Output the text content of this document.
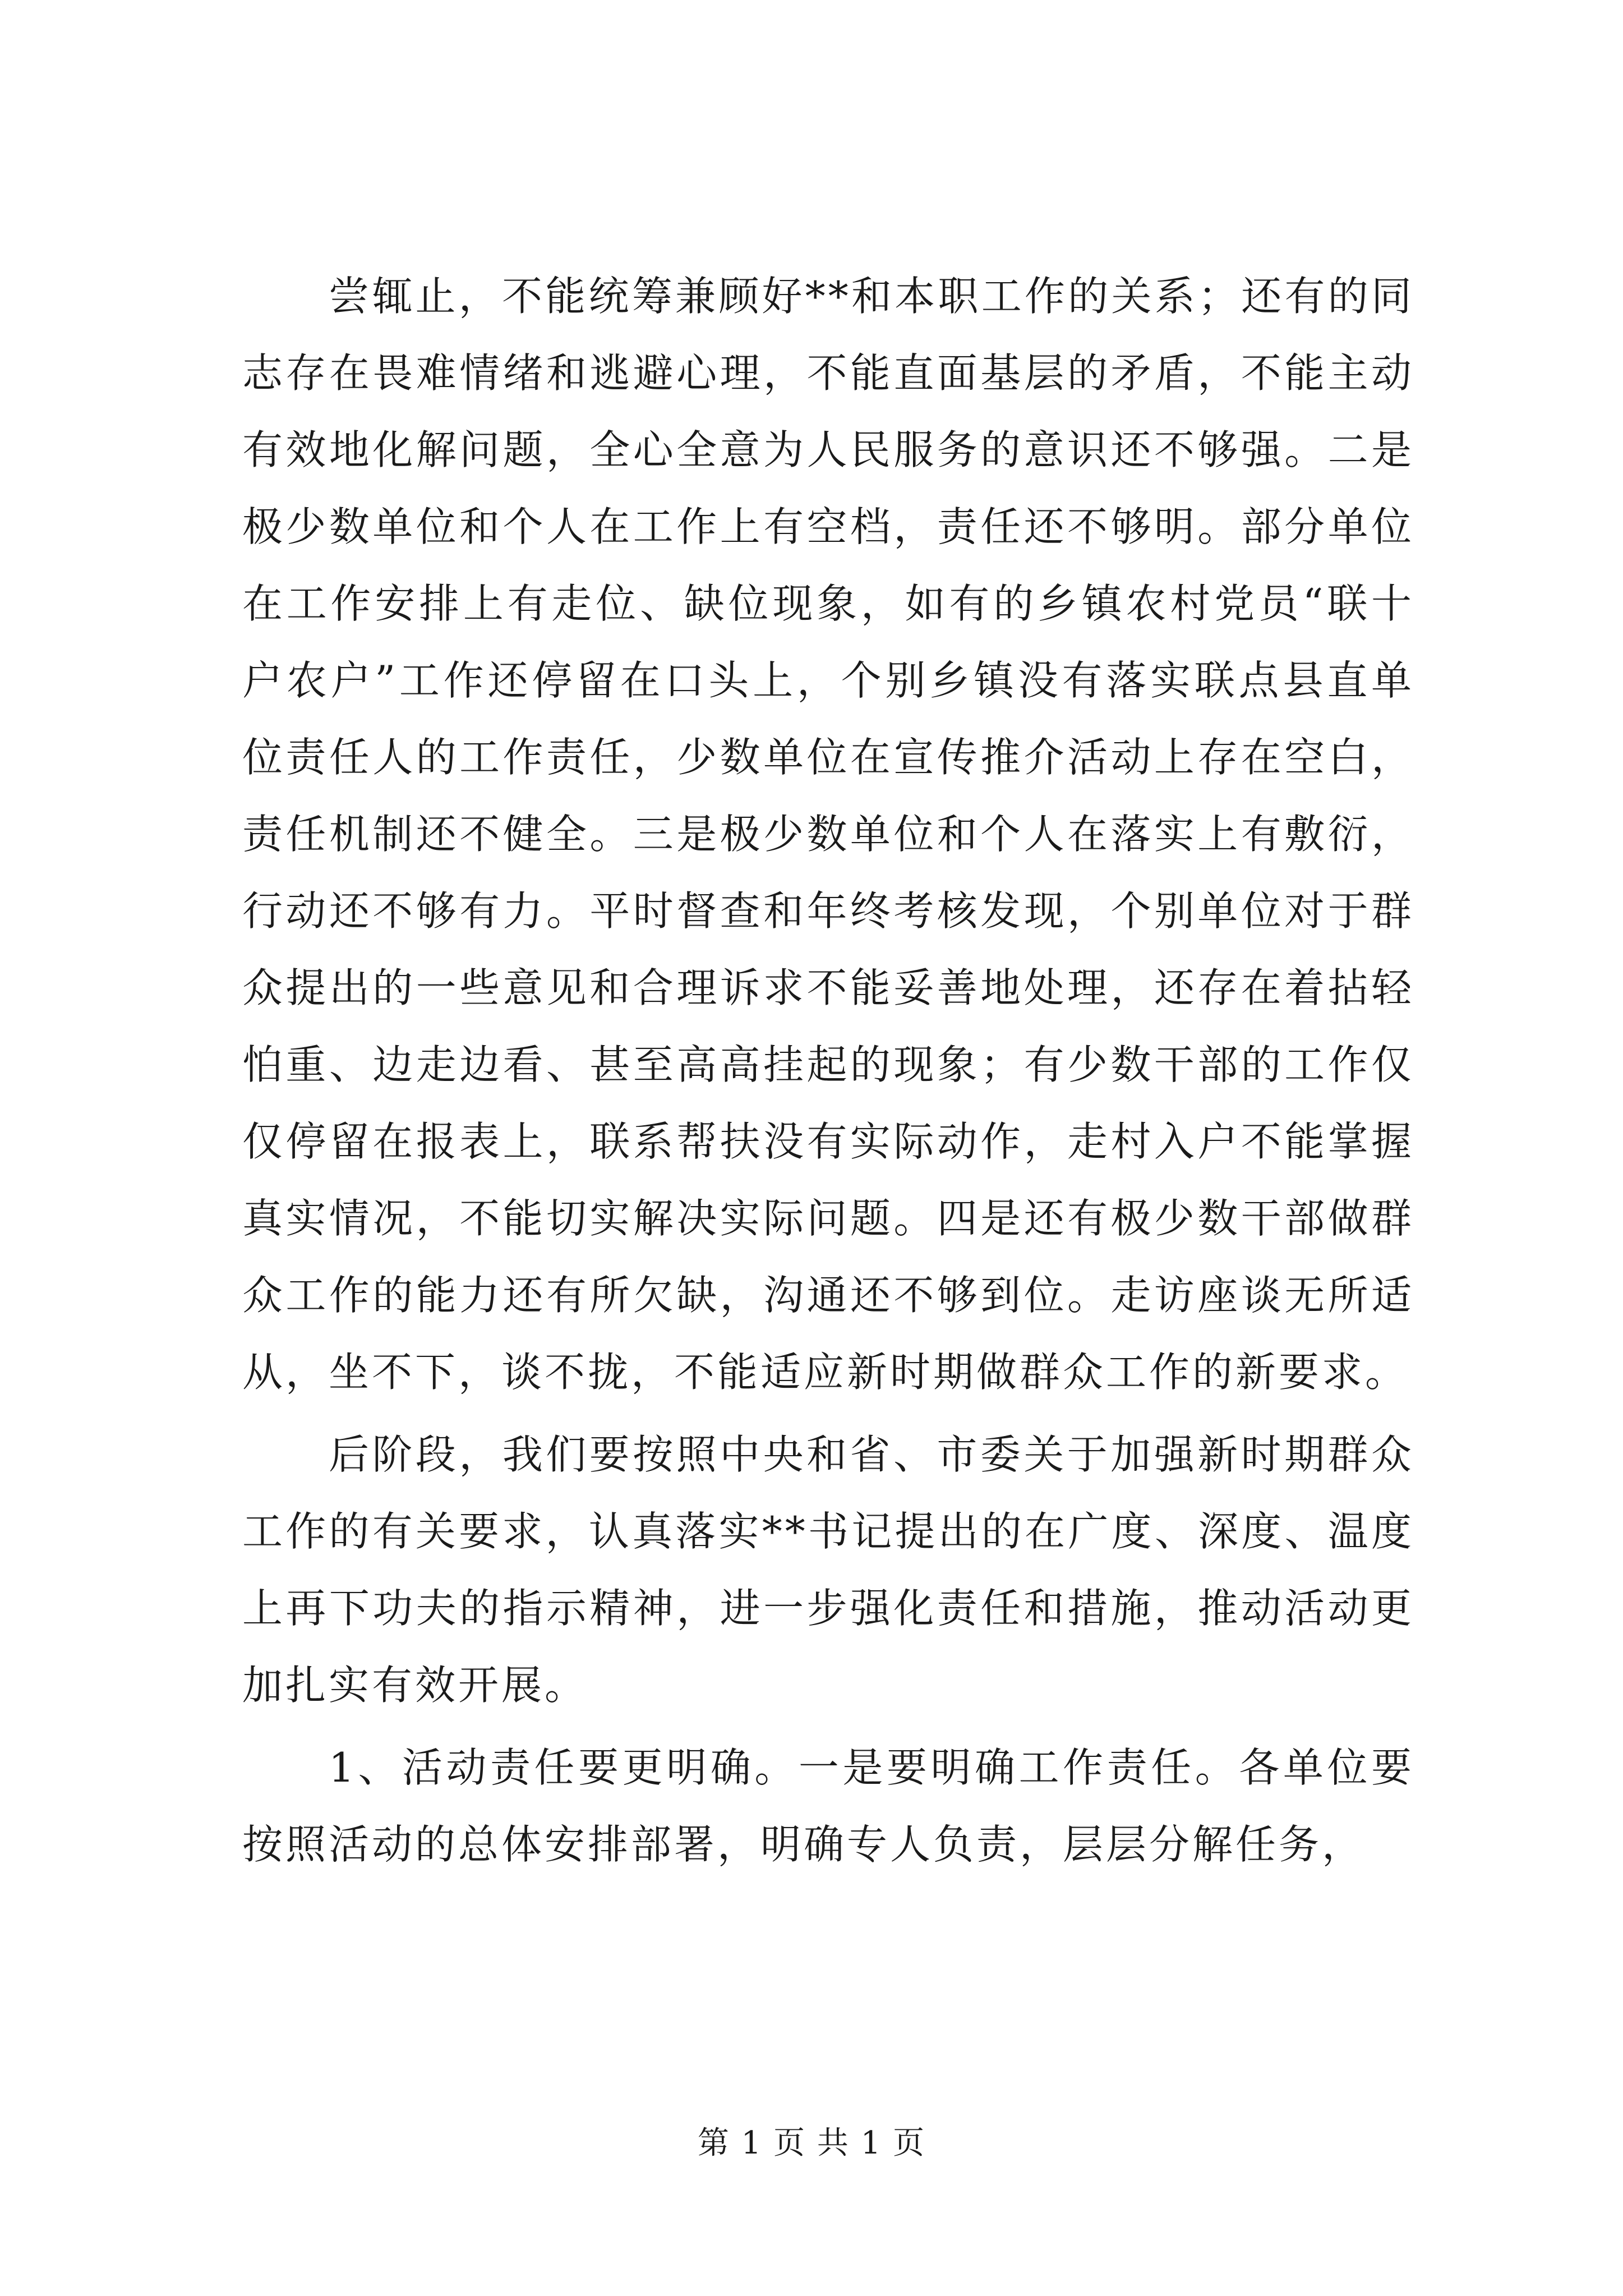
尝辄止，不能统筹兼顾好**和本职工作的关系；还有的同志存在畏难情绪和逃避心理，不能直面基层的矛盾，不能主动有效地化解问题，全心全意为人民服务的意识还不够强。二是极少数单位和个人在工作上有空档，责任还不够明。部分单位在工作安排上有走位、缺位现象，如有的乡镇农村党员“联十户农户”工作还停留在口头上，个别乡镇没有落实联点县直单位责任人的工作责任，少数单位在宣传推介活动上存在空白，责任机制还不健全。三是极少数单位和个人在落实上有敷衍，行动还不够有力。平时督查和年终考核发现，个别单位对于群众提出的一些意见和合理诉求不能妥善地处理，还存在着拈轻怕重、边走边看、甚至高高挂起的现象；有少数干部的工作仅仅停留在报表上，联系帮扶没有实际动作，走村入户不能掌握真实情况，不能切实解决实际问题。四是还有极少数干部做群众工作的能力还有所欠缺，沟通还不够到位。走访座谈无所适从，坐不下，谈不拢，不能适应新时期做群众工作的新要求。

后阶段，我们要按照中央和省、市委关于加强新时期群众工作的有关要求，认真落实**书记提出的在广度、深度、温度上再下功夫的指示精神，进一步强化责任和措施，推动活动更加扎实有效开展。

1、活动责任要更明确。一是要明确工作责任。各单位要按照活动的总体安排部署，明确专人负责，层层分解任务，

第 1 页 共 1 页
